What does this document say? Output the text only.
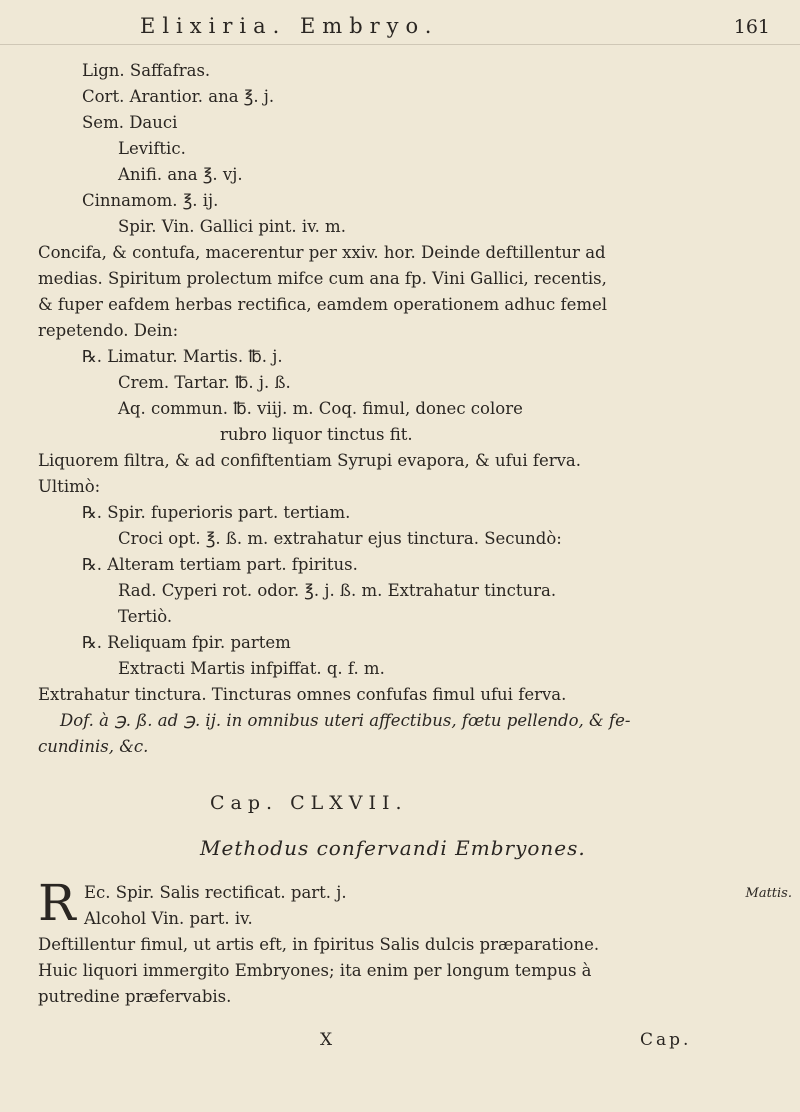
Elixiria. Embryo.	161
Lign. Saffafras.
Cort. Arantior. ana ℥. j.
Sem. Dauci
Leviftic.
Anifi. ana ℥. vj.
Cinnamom. ℥. ij.
Spir. Vin. Gallici pint. iv. m.
Concifa, & contufa, macerentur per xxiv. hor. Deinde deftillentur ad
medias. Spiritum prolectum mifce cum ana fp. Vini Gallici, recentis,
& fuper eafdem herbas rectifica, eamdem operationem adhuc femel
repetendo. Dein:
℞. Limatur. Martis. ℔. j.
Crem. Tartar. ℔. j. ß.
Aq. commun. ℔. viij. m. Coq. fimul, donec colore
rubro liquor tinctus fit.
Liquorem filtra, & ad confiftentiam Syrupi evapora, & ufui ferva.
Ultimò:
℞. Spir. fuperioris part. tertiam.
Croci opt. ℥. ß. m. extrahatur ejus tinctura. Secundò:
℞. Alteram tertiam part. fpiritus.
Rad. Cyperi rot. odor. ℥. j. ß. m. Extrahatur tinctura.
Tertiò.
℞. Reliquam fpir. partem
Extracti Martis infpiffat. q. f. m.
Extrahatur tinctura. Tincturas omnes confufas fimul ufui ferva.
Dof. à ℈. ß. ad ℈. ij. in omnibus uteri affectibus, fœtu pellendo, & fe-
cundinis, &c.
Cap. CLXVII.
Methodus confervandi Embryones.
R Ec. Spir. Salis rectificat. part. j.
Alcohol Vin. part. iv.
Deftillentur fimul, ut artis eft, in fpiritus Salis dulcis præparatione.
Huic liquori immergito Embryones; ita enim per longum tempus à
putredine præfervabis.
Mattis.
X	Cap.
